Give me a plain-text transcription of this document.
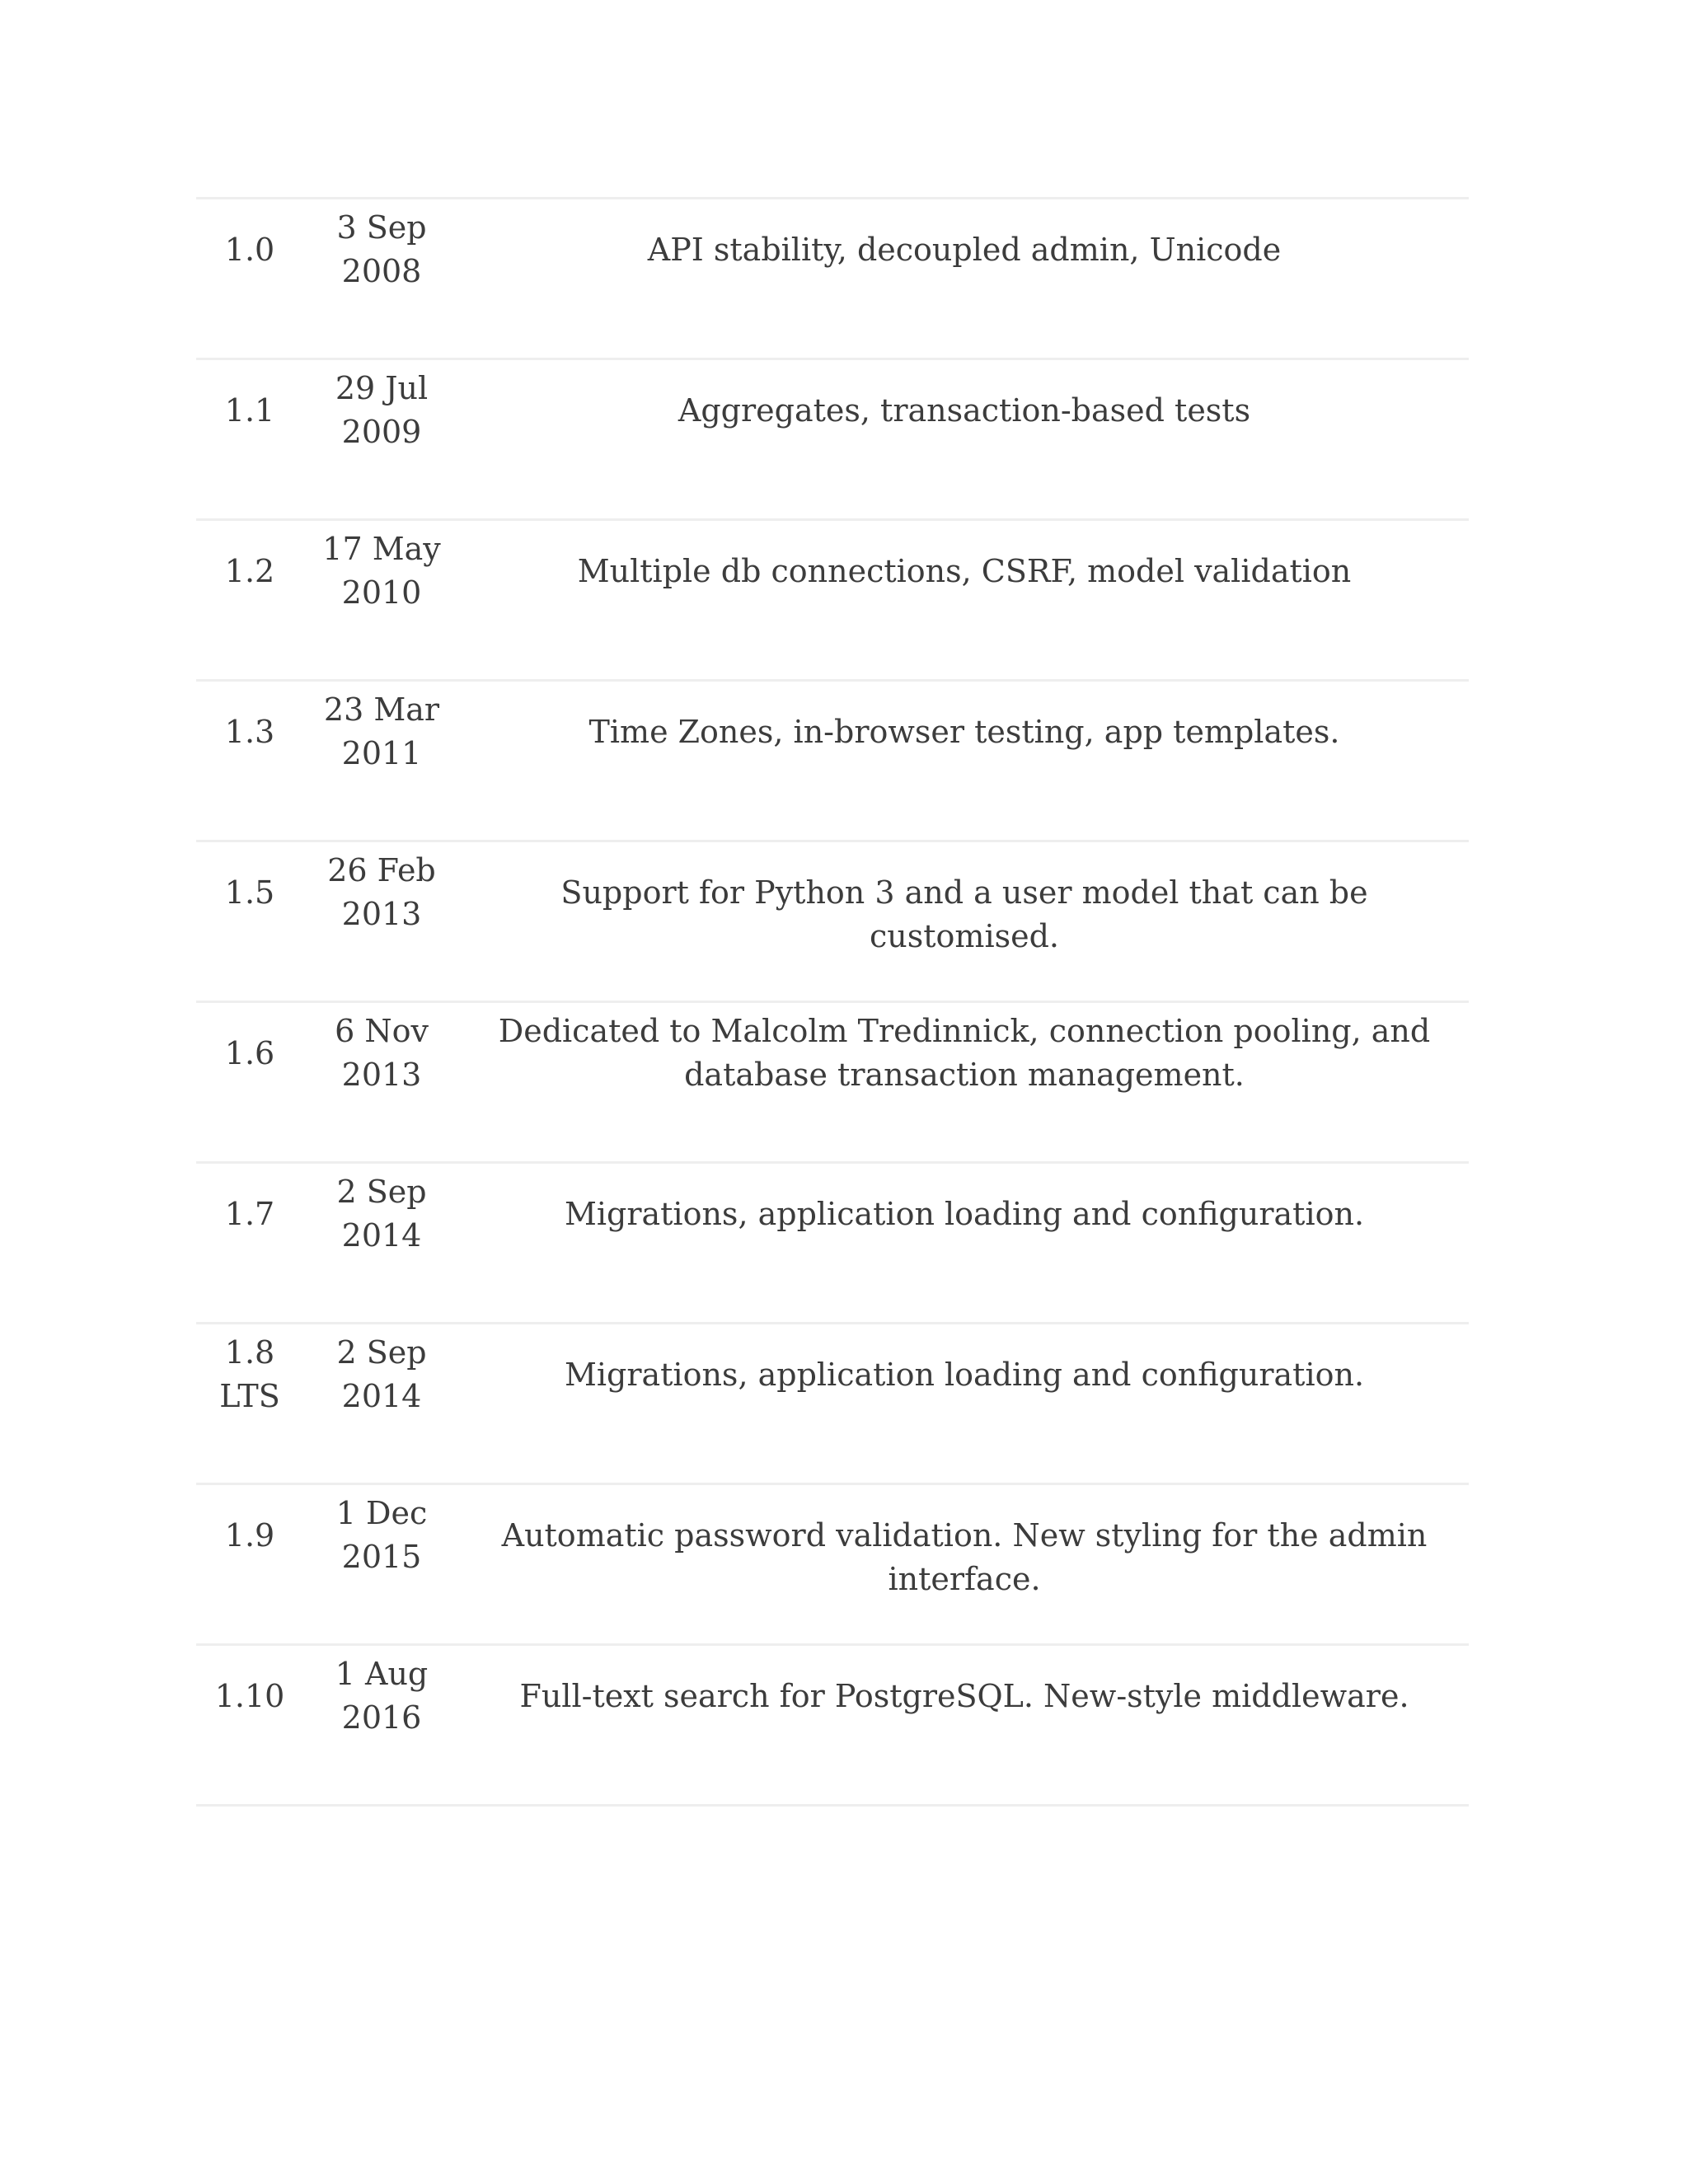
1.0
3 Sep
2008
API stability, decoupled admin, Unicode
1.1
29 Jul
2009
Aggregates, transaction-based tests
1.2
17 May
2010
Multiple db connections, CSRF, model validation
1.3
23 Mar
2011
Time Zones, in-browser testing, app templates.
1.5
26 Feb
2013
Support for Python 3 and a user model that can be customised.
1.6
6 Nov
2013
Dedicated to Malcolm Tredinnick, connection pooling, and database transaction management.
1.7
2 Sep
2014
Migrations, application loading and configuration.
1.8
LTS
2 Sep
2014
Migrations, application loading and configuration.
1.9
1 Dec
2015
Automatic password validation. New styling for the admin interface.
1.10
1 Aug
2016
Full-text search for PostgreSQL. New-style middleware.
